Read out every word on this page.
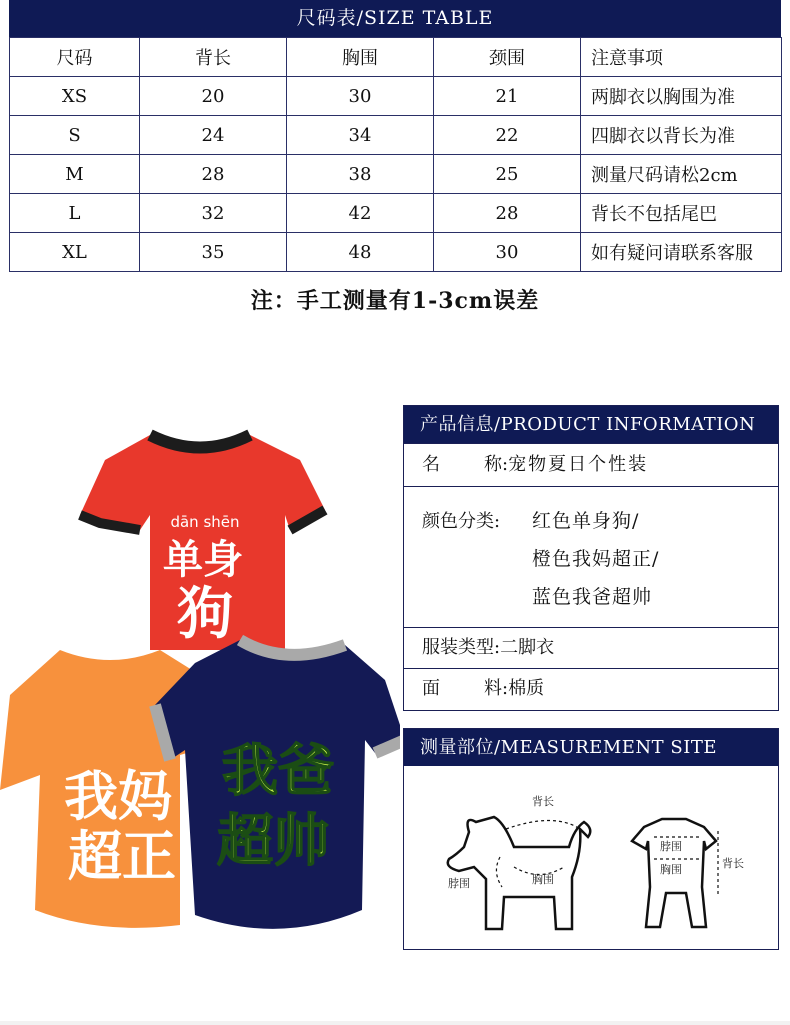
尺码表/SIZE TABLE
尺码	背长	胸围	颈围	注意事项
XS	20	30	21	两脚衣以胸围为准
S	24	34	22	四脚衣以背长为准
M	28	38	25	测量尺码请松2cm
L	32	42	28	背长不包括尾巴
XL	35	48	30	如有疑问请联系客服
注：手工测量有1-3cm误差
dān shēn
单身
狗
我妈
超正
我爸
超帅
产品信息/PRODUCT INFORMATION
名 称:宠物夏日个性装
颜色分类: 红色单身狗/
橙色我妈超正/
蓝色我爸超帅
服装类型:二脚衣
面 料:棉质
测量部位/MEASUREMENT SITE
背长
脖围	胸围
脖围
胸围	背长
